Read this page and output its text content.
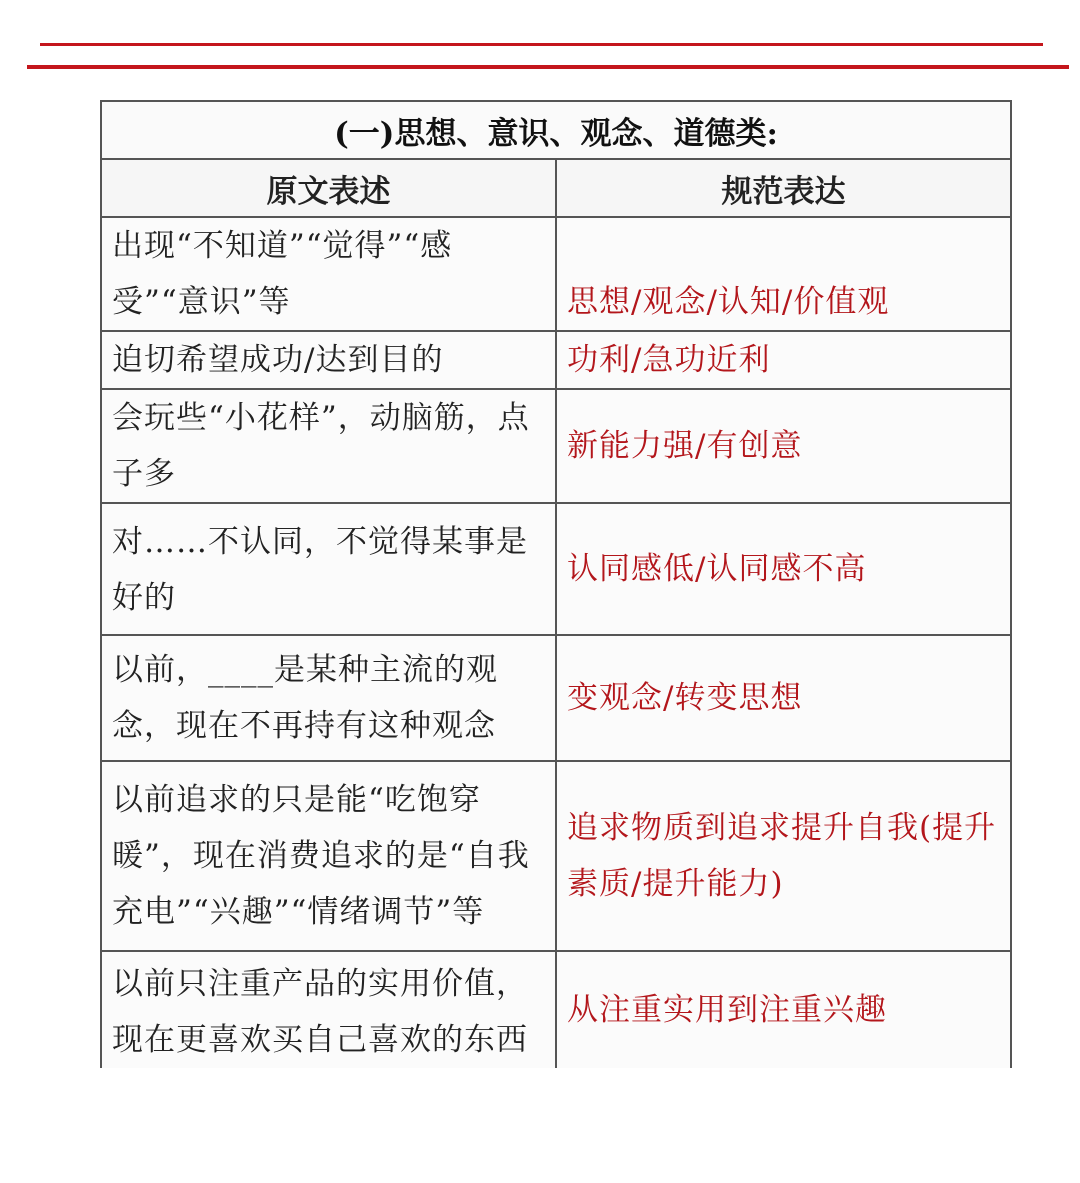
(一)思想、意识、观念、道德类:	
原文表述	规范表达
出现“不知道”“觉得”“感受”“意识”等	思想/观念/认知/价值观
迫切希望成功/达到目的	功利/急功近利
会玩些“小花样”，动脑筋，点子多	新能力强/有创意
对……不认同，不觉得某事是好的	认同感低/认同感不高
以前，____是某种主流的观念，现在不再持有这种观念	变观念/转变思想
以前追求的只是能“吃饱穿暖”，现在消费追求的是“自我充电”“兴趣”“情绪调节”等	追求物质到追求提升自我(提升素质/提升能力)
以前只注重产品的实用价值，现在更喜欢买自己喜欢的东西	从注重实用到注重兴趣
